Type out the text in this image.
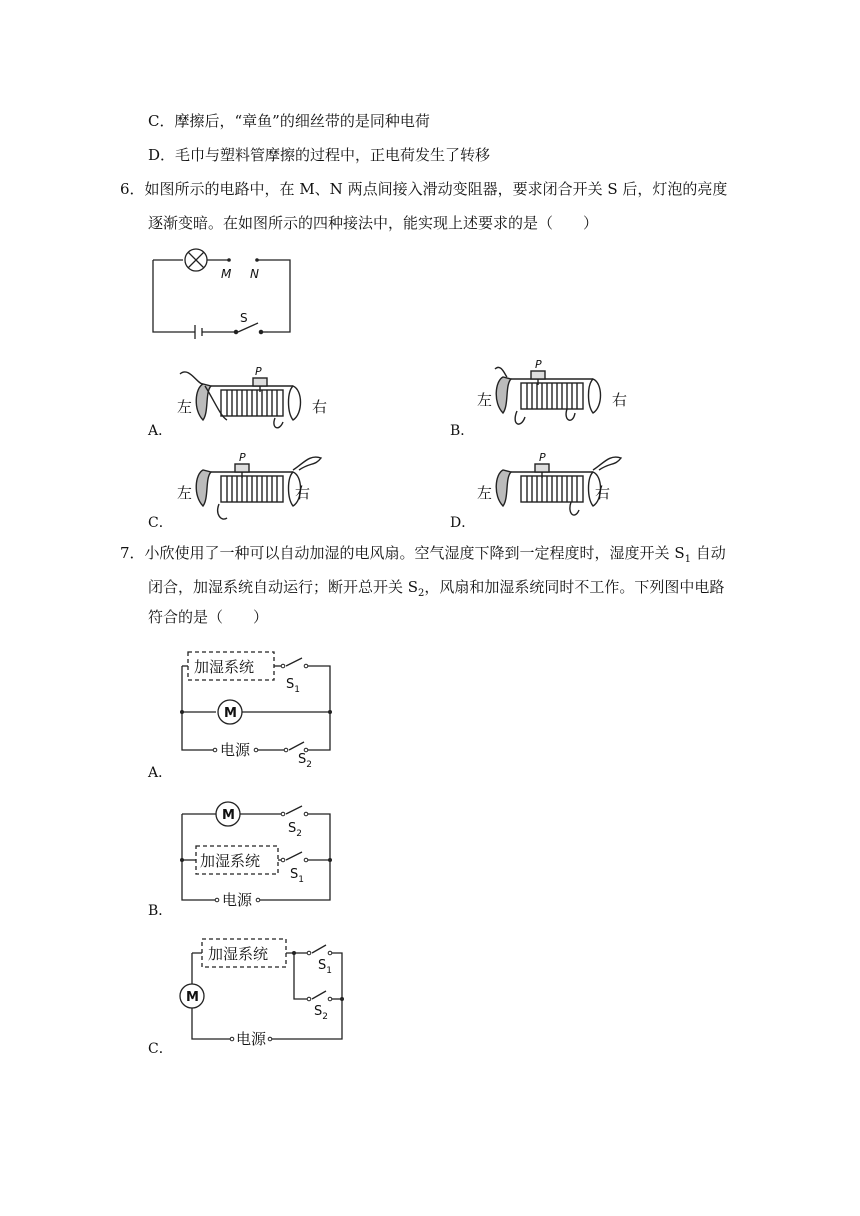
C．摩擦后，“章鱼”的细丝带的是同种电荷
D．毛巾与塑料管摩擦的过程中，正电荷发生了转移
6．如图所示的电路中，在 M、N 两点间接入滑动变阻器，要求闭合开关 S 后，灯泡的亮度
逐渐变暗。在如图所示的四种接法中，能实现上述要求的是（　　）
M N
S
P
左	右
A．
P
左	右
B．
P
左	右
C．
P
左	右
D．
7．小欣使用了一种可以自动加湿的电风扇。空气湿度下降到一定程度时，湿度开关 $S_1$ 自动
闭合，加湿系统自动运行；断开总开关 $S_2$，风扇和加湿系统同时不工作。下列图中电路
符合的是（　　）
加湿系统
M
电源
$S_1$
$S_2$
A．
M
加湿系统
电源
$S_2$
$S_1$
B．
加湿系统
M
电源
$S_1$
$S_2$
C．
